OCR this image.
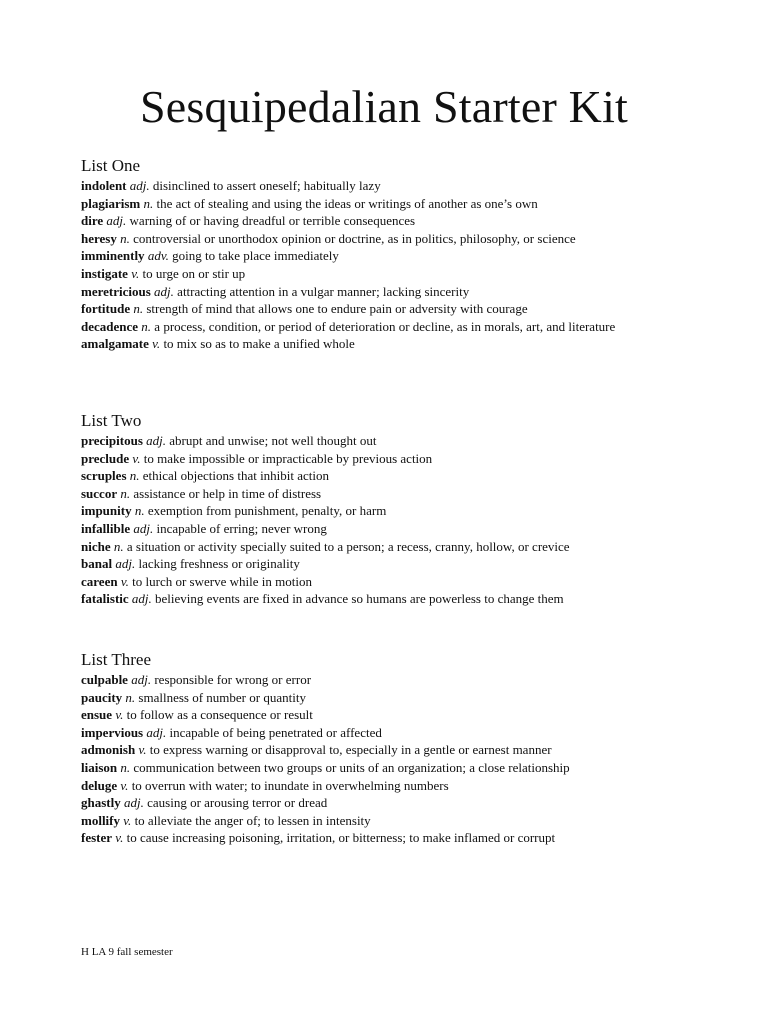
Sesquipedalian Starter Kit
List One

indolent adj. disinclined to assert oneself; habitually lazy

plagiarism n. the act of stealing and using the ideas or writings of another as one’s own

dire adj. warning of or having dreadful or terrible consequences

heresy n. controversial or unorthodox opinion or doctrine, as in politics, philosophy, or science

imminently adv. going to take place immediately

instigate v. to urge on or stir up

meretricious adj. attracting attention in a vulgar manner; lacking sincerity

fortitude n. strength of mind that allows one to endure pain or adversity with courage

decadence n. a process, condition, or period of deterioration or decline, as in morals, art, and literature

amalgamate v. to mix so as to make a unified whole

List Two

precipitous adj. abrupt and unwise; not well thought out

preclude v. to make impossible or impracticable by previous action

scruples n. ethical objections that inhibit action

succor n. assistance or help in time of distress

impunity n. exemption from punishment, penalty, or harm

infallible adj. incapable of erring; never wrong

niche n. a situation or activity specially suited to a person; a recess, cranny, hollow, or crevice

banal adj. lacking freshness or originality

careen v. to lurch or swerve while in motion

fatalistic adj. believing events are fixed in advance so humans are powerless to change them

List Three

culpable adj. responsible for wrong or error

paucity n. smallness of number or quantity

ensue v. to follow as a consequence or result

impervious adj. incapable of being penetrated or affected

admonish v. to express warning or disapproval to, especially in a gentle or earnest manner

liaison n. communication between two groups or units of an organization; a close relationship

deluge v. to overrun with water; to inundate in overwhelming numbers

ghastly adj. causing or arousing terror or dread

mollify v. to alleviate the anger of; to lessen in intensity

fester v. to cause increasing poisoning, irritation, or bitterness; to make inflamed or corrupt

H LA 9 fall semester
